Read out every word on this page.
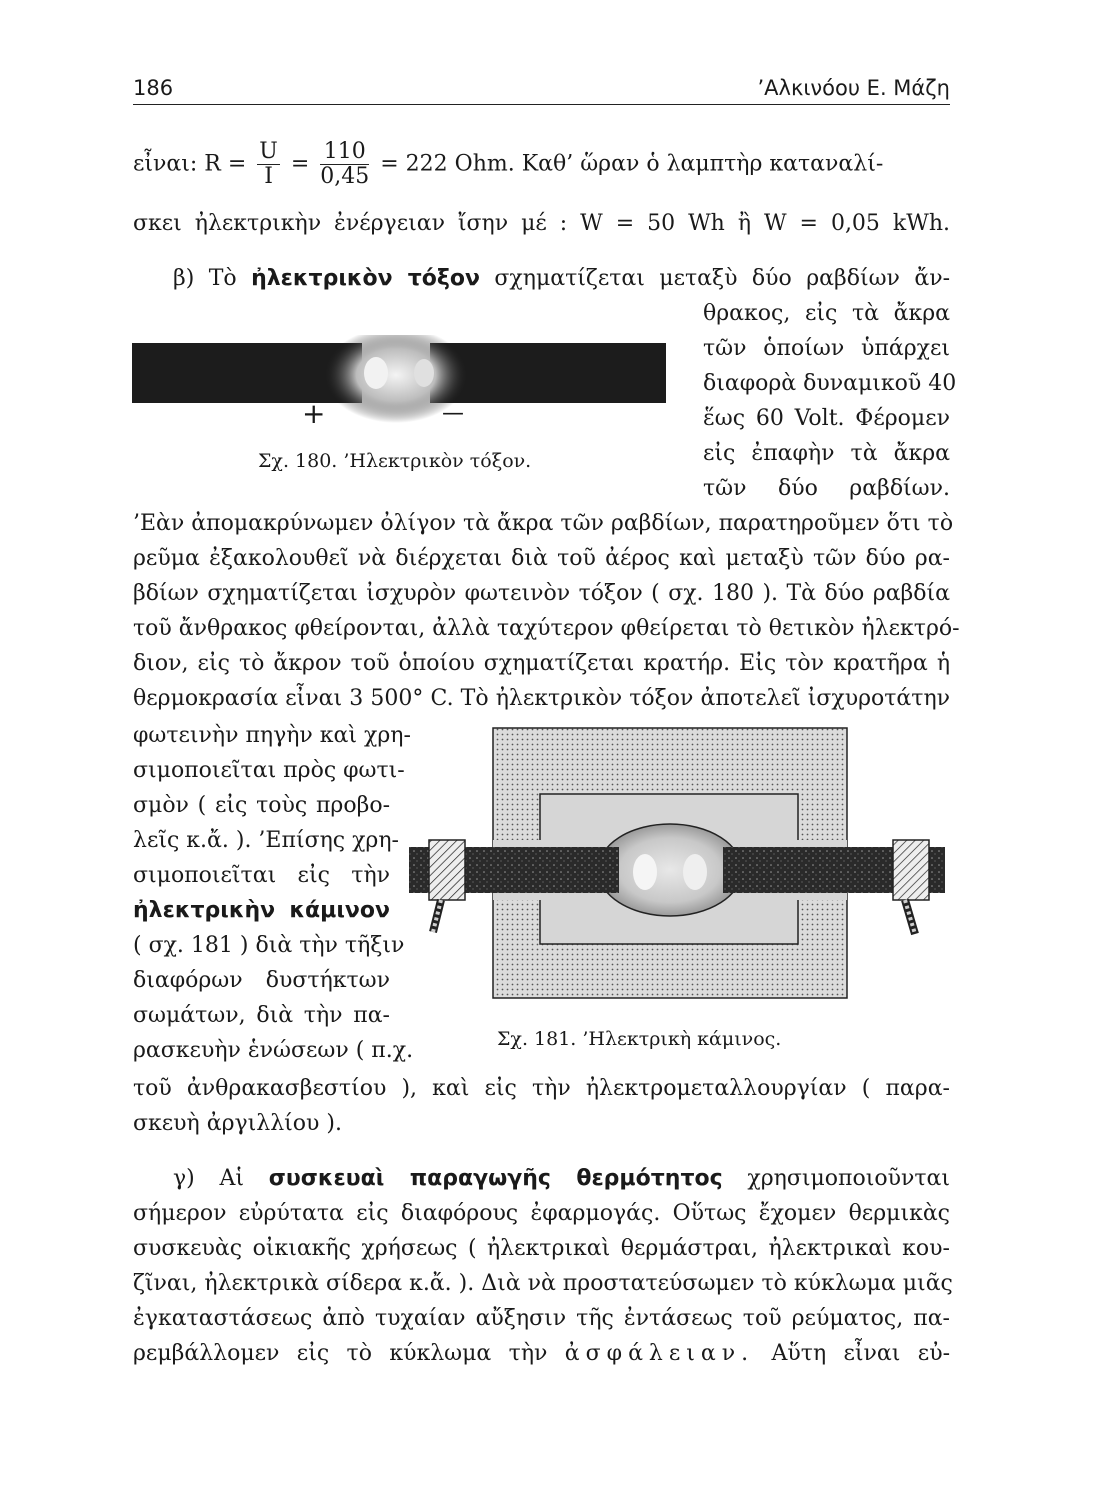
186	’Αλκινόου Ε. Μάζη
εἶναι: $R = \frac{U}{I} = \frac{110}{0,45} = 222$ Ohm. Καθ’ ὥραν ὁ λαμπτὴρ καταναλί-
σκει ἠλεκτρικὴν ἐνέργειαν ἴσην μέ : W = 50 Wh ἢ W = 0,05 kWh.
β) Τὸ ἠλεκτρικὸν τόξον σχηματίζεται μεταξὺ δύο ραβδίων ἄν-
θρακος, εἰς τὰ ἄκρα
τῶν ὁποίων ὑπάρχει
διαφορὰ δυναμικοῦ 40
ἕως 60 Volt. Φέρομεν
εἰς ἐπαφὴν τὰ ἄκρα
τῶν δύο ραβδίων.
+	—
Σχ. 180. ’Ηλεκτρικὸν τόξον.
’Εὰν ἀπομακρύνωμεν ὀλίγον τὰ ἄκρα τῶν ραβδίων, παρατηροῦμεν ὅτι τὸ
ρεῦμα ἐξακολουθεῖ νὰ διέρχεται διὰ τοῦ ἀέρος καὶ μεταξὺ τῶν δύο ρα-
βδίων σχηματίζεται ἰσχυρὸν φωτεινὸν τόξον ( σχ. 180 ). Τὰ δύο ραβδία
τοῦ ἄνθρακος φθείρονται, ἀλλὰ ταχύτερον φθείρεται τὸ θετικὸν ἠλεκτρό-
διον, εἰς τὸ ἄκρον τοῦ ὁποίου σχηματίζεται κρατήρ. Εἰς τὸν κρατῆρα ἡ
θερμοκρασία εἶναι 3 500° C. Τὸ ἠλεκτρικὸν τόξον ἀποτελεῖ ἰσχυροτάτην
φωτεινὴν πηγὴν καὶ χρη-
σιμοποιεῖται πρὸς φωτι-
σμὸν ( εἰς τοὺς προβο-
λεῖς κ.ἄ. ). ’Επίσης χρη-
σιμοποιεῖται εἰς τὴν
ἠλεκτρικὴν κάμινον
( σχ. 181 ) διὰ τὴν τῆξιν
διαφόρων δυστήκτων
σωμάτων, διὰ τὴν πα-
ρασκευὴν ἑνώσεων ( π.χ.	Σχ. 181. ’Ηλεκτρικὴ κάμινος.
τοῦ ἀνθρακασβεστίου ), καὶ εἰς τὴν ἠλεκτρομεταλλουργίαν ( παρα-
σκευὴ ἀργιλλίου ).
γ) Αἱ συσκευαὶ παραγωγῆς θερμότητος χρησιμοποιοῦνται
σήμερον εὐρύτατα εἰς διαφόρους ἐφαρμογάς. Οὕτως ἔχομεν θερμικὰς
συσκευὰς οἰκιακῆς χρήσεως ( ἠλεκτρικαὶ θερμάστραι, ἠλεκτρικαὶ κου-
ζῖναι, ἠλεκτρικὰ σίδερα κ.ἄ. ). Διὰ νὰ προστατεύσωμεν τὸ κύκλωμα μιᾶς
ἐγκαταστάσεως ἀπὸ τυχαίαν αὔξησιν τῆς ἐντάσεως τοῦ ρεύματος, πα-
ρεμβάλλομεν εἰς τὸ κύκλωμα τὴν ἀσφάλειαν. Αὕτη εἶναι εὐ-
